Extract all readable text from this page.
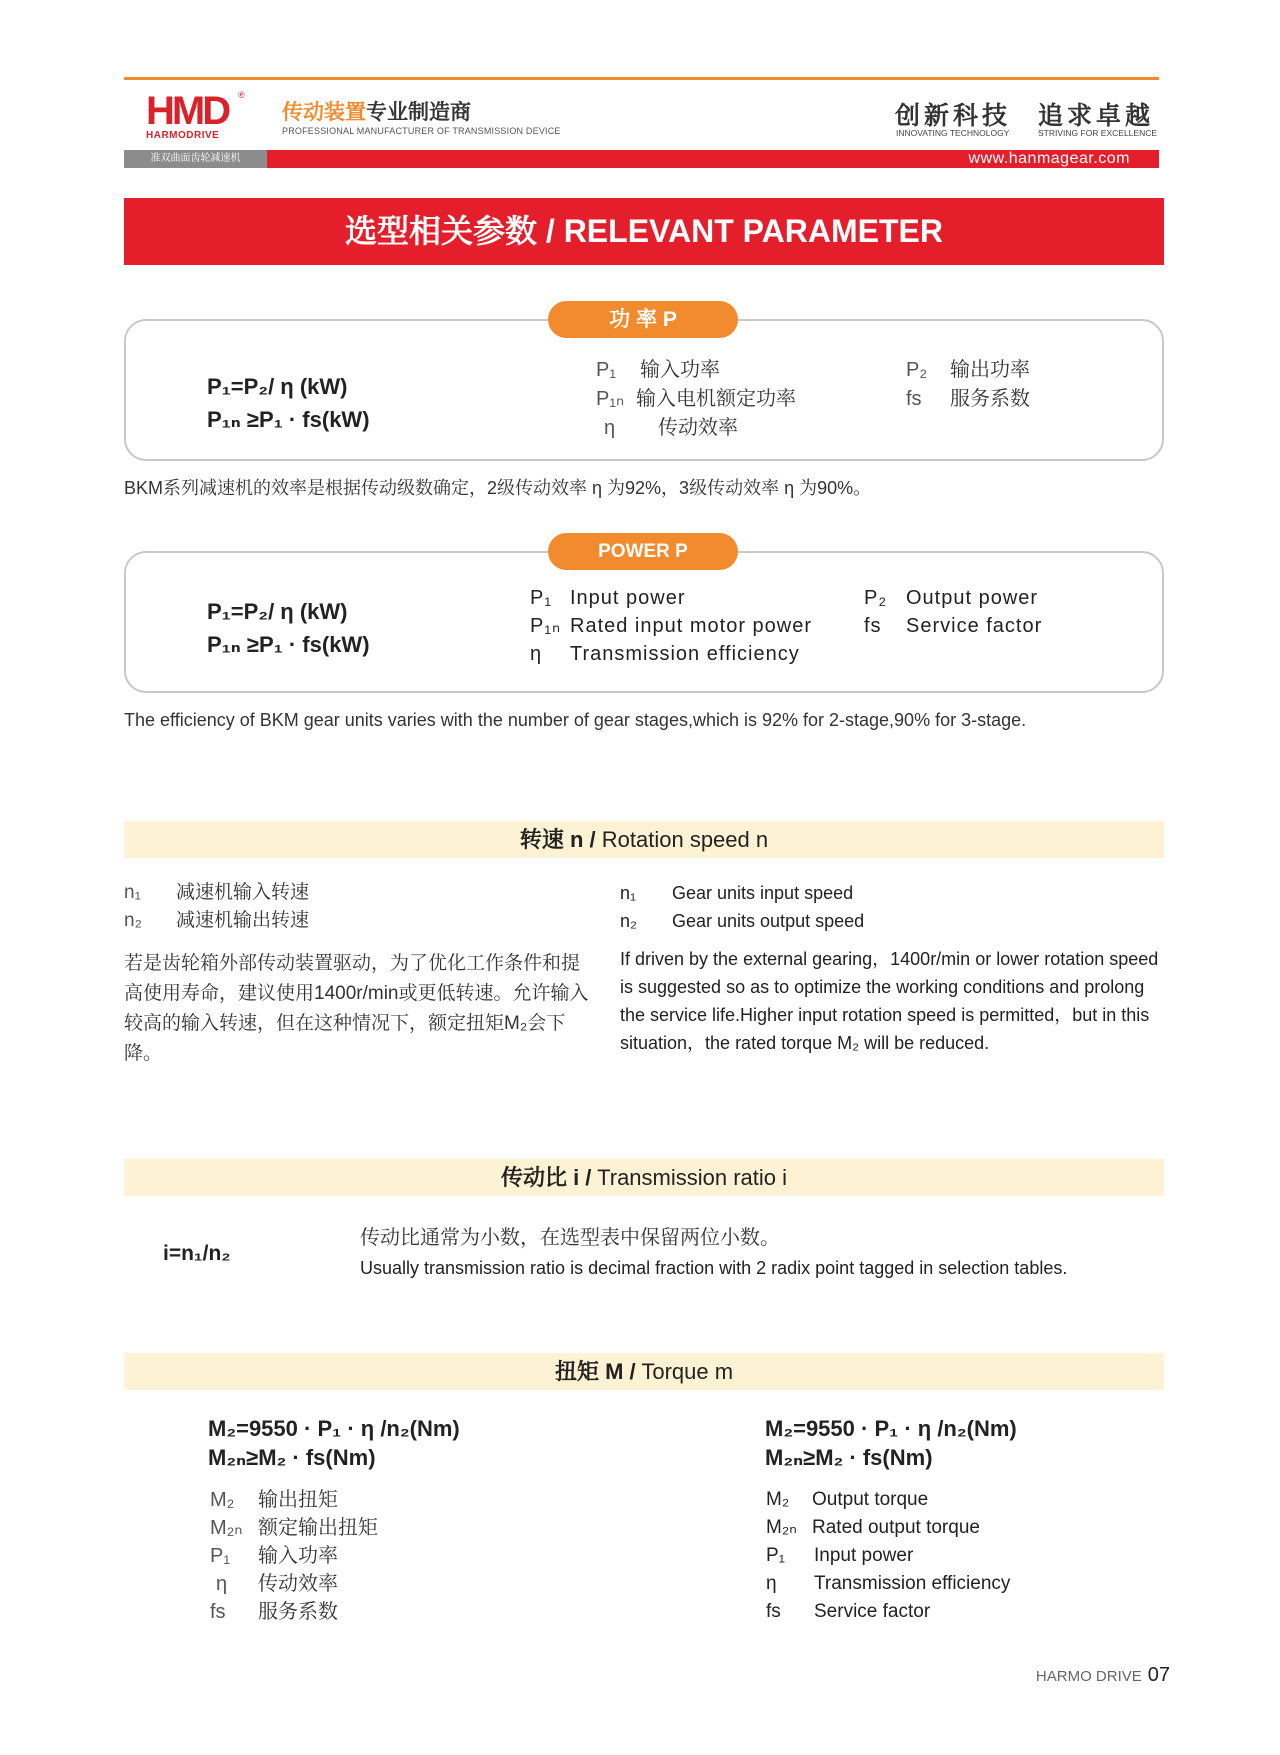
HMD ®
HARMODRIVE
传动装置专业制造商
PROFESSIONAL MANUFACTURER OF TRANSMISSION DEVICE
创新科技
INNOVATING TECHNOLOGY
追求卓越
STRIVING FOR EXCELLENCE
准双曲面齿轮减速机	www.hanmagear.com
选型相关参数 / RELEVANT PARAMETER
功 率 P
P₁=P₂/ η (kW)
P₁ₙ ≥P₁ · fs(kW)
P₁ 输入功率
P₁ₙ 输入电机额定功率
η 传动效率
P₂ 输出功率
fs 服务系数
BKM系列减速机的效率是根据传动级数确定，2级传动效率 η 为92%，3级传动效率 η 为90%。
POWER P
P₁=P₂/ η (kW)
P₁ₙ ≥P₁ · fs(kW)
P₁ Input power
P₁ₙ Rated input motor power
η Transmission efficiency
P₂ Output power
fs Service factor
The efficiency of BKM gear units varies with the number of gear stages,which is 92% for 2-stage,90% for 3-stage.
转速 n / Rotation speed n
n₁ 减速机输入转速
n₂ 减速机输出转速
若是齿轮箱外部传动装置驱动，为了优化工作条件和提高使用寿命，建议使用1400r/min或更低转速。允许输入较高的输入转速，但在这种情况下，额定扭矩M₂会下降。
n₁ Gear units input speed
n₂ Gear units output speed
If driven by the external gearing，1400r/min or lower rotation speed is suggested so as to optimize the working conditions and prolong the service life.Higher input rotation speed is permitted，but in this situation，the rated torque M₂ will be reduced.
传动比 i / Transmission ratio i
i=n₁/n₂
传动比通常为小数，在选型表中保留两位小数。
Usually transmission ratio is decimal fraction with 2 radix point tagged in selection tables.
扭矩 M / Torque m
M₂=9550 · P₁ · η /n₂(Nm)
M₂ₙ≥M₂ · fs(Nm)
M₂ 输出扭矩
M₂ₙ 额定输出扭矩
P₁ 输入功率
η 传动效率
fs 服务系数
M₂=9550 · P₁ · η /n₂(Nm)
M₂ₙ≥M₂ · fs(Nm)
M₂ Output torque
M₂ₙ Rated output torque
P₁ Input power
η Transmission efficiency
fs Service factor
HARMO DRIVE 07
